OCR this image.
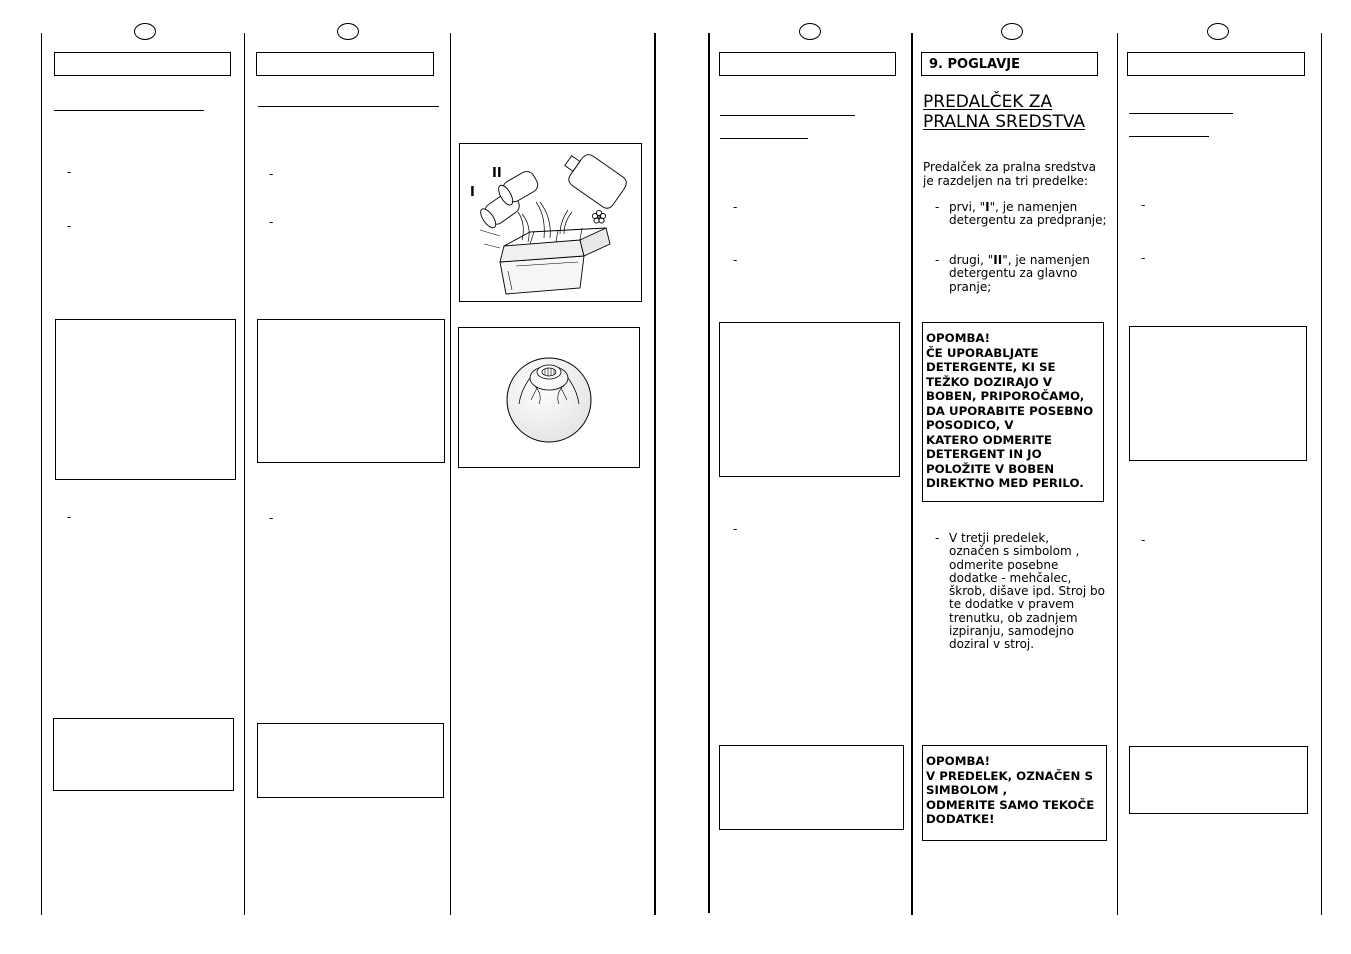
-
-
-
-
-
-
I
II
-
-
-
9. POGLAVJE
PREDALČEK ZA
PRALNA SREDSTVA
Predalček za pralna sredstva
je razdeljen na tri predelke:
- prvi, "I", je namenjen detergentu za predpranje;
- drugi, "II", je namenjen detergentu za glavno pranje;
OPOMBA!
ČE UPORABLJATE
DETERGENTE, KI SE
TEŽKO DOZIRAJO V
BOBEN, PRIPOROČAMO,
DA UPORABITE POSEBNO
POSODICO, V
KATERO ODMERITE
DETERGENT IN JO
POLOŽITE V BOBEN
DIREKTNO MED PERILO.
- V tretji predelek,
označen s simbolom ,
odmerite posebne
dodatke - mehčalec,
škrob, dišave ipd. Stroj bo
te dodatke v pravem
trenutku, ob zadnjem
izpiranju, samodejno
doziral v stroj.
OPOMBA!
V PREDELEK, OZNAČEN S
SIMBOLOM ,
ODMERITE SAMO TEKOČE
DODATKE!
-
-
-
